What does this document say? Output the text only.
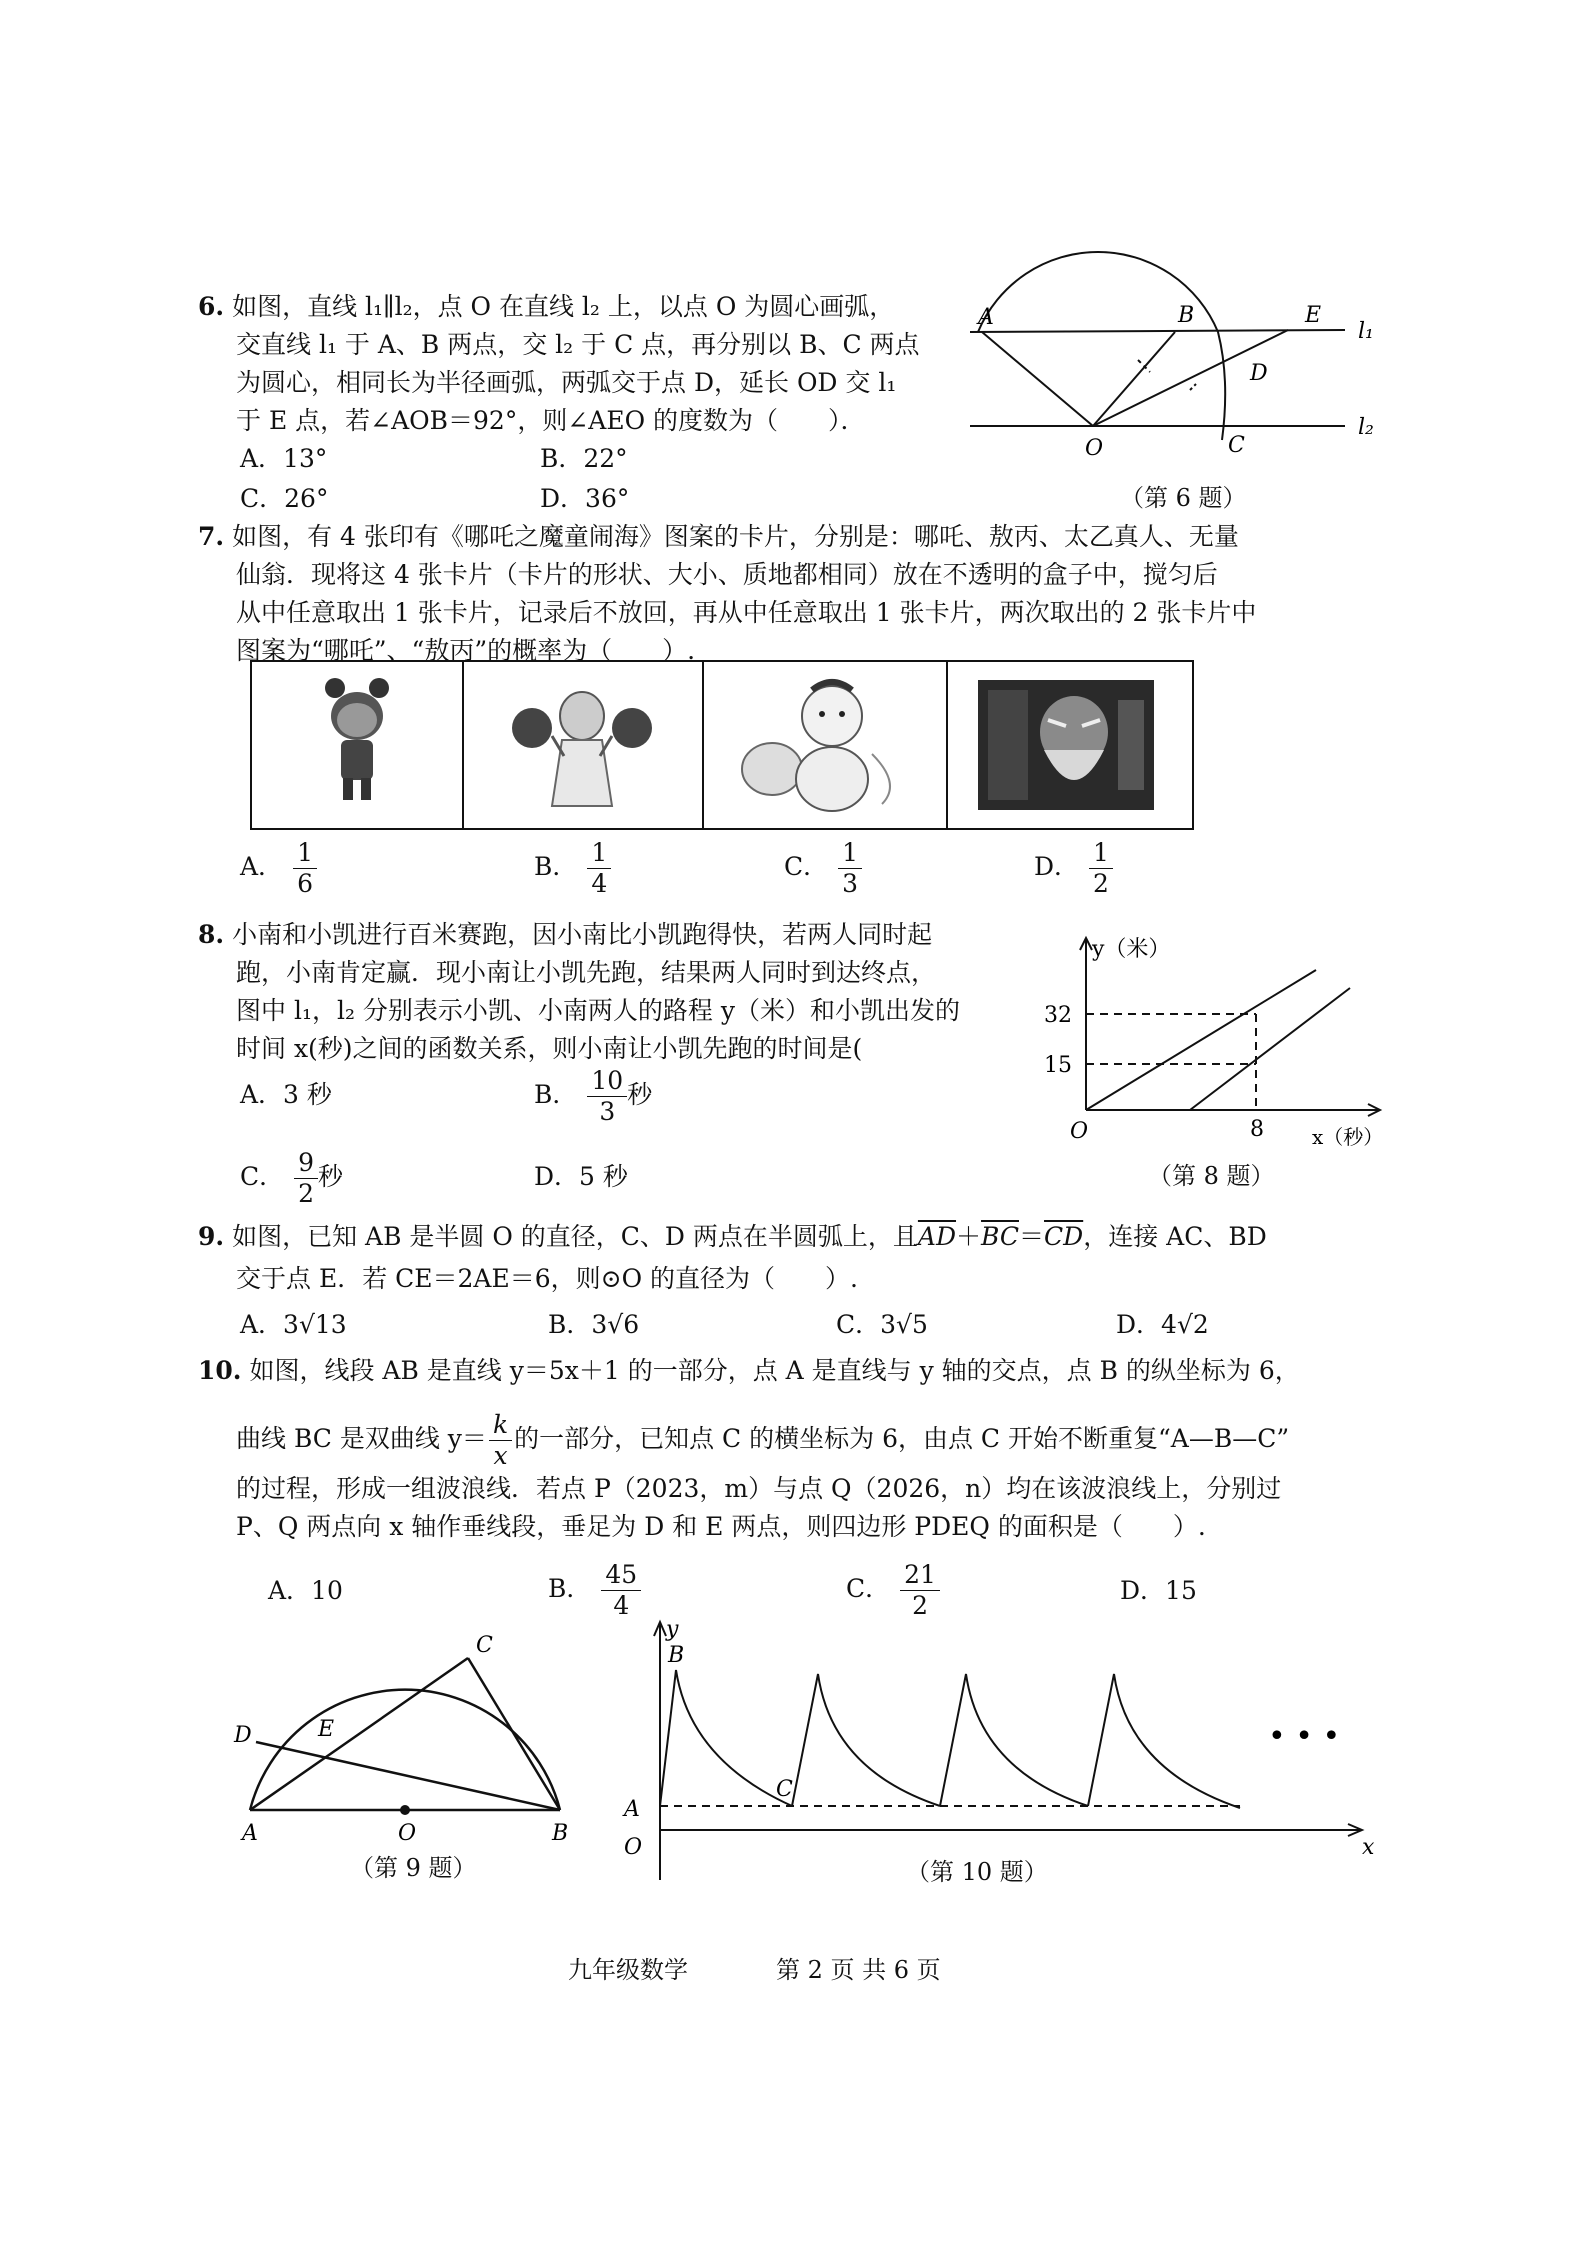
6. 如图，直线 l₁∥l₂，点 O 在直线 l₂ 上，以点 O 为圆心画弧，
交直线 l₁ 于 A、B 两点，交 l₂ 于 C 点，再分别以 B、C 两点
为圆心，相同长为半径画弧，两弧交于点 D，延长 OD 交 l₁
于 E 点，若∠AOB＝92°，则∠AEO 的度数为（　　）．
A．13°	B．22°
C．26°	D．36°
A	B	E
D
O	C
l₁
l₂
（第 6 题）
7. 如图，有 4 张印有《哪吒之魔童闹海》图案的卡片，分别是：哪吒、敖丙、太乙真人、无量
仙翁．现将这 4 张卡片（卡片的形状、大小、质地都相同）放在不透明的盒子中，搅匀后
从中任意取出 1 张卡片，记录后不放回，再从中任意取出 1 张卡片，两次取出的 2 张卡片中
图案为“哪吒”、“敖丙”的概率为（　　）.
A． $\frac{1}{6}$	B． $\frac{1}{4}$	C． $\frac{1}{3}$	D． $\frac{1}{2}$
8. 小南和小凯进行百米赛跑，因小南比小凯跑得快，若两人同时起
跑，小南肯定赢．现小南让小凯先跑，结果两人同时到达终点，
图中 l₁，l₂ 分别表示小凯、小南两人的路程 y（米）和小凯出发的
时间 x(秒)之间的函数关系，则小南让小凯先跑的时间是(
A．3 秒	B． $\frac{10}{3}$ 秒
C． $\frac{9}{2}$ 秒	D．5 秒
y（米）
O
32
15
8 x（秒）
（第 8 题）
9. 如图，已知 AB 是半圆 O 的直径，C、D 两点在半圆弧上，且$\overline{AD}+\overline{BC}=\overline{CD}$，连接 AC、BD
交于点 E．若 CE＝2AE＝6，则⊙O 的直径为（　　）.
A．3√13	B．3√6	C．3√5	D．4√2
10. 如图，线段 AB 是直线 y＝5x＋1 的一部分，点 A 是直线与 y 轴的交点，点 B 的纵坐标为 6，
曲线 BC 是双曲线 $y= \frac{k}{x}$ 的一部分，已知点 C 的横坐标为 6，由点 C 开始不断重复“A—B—C”
的过程，形成一组波浪线．若点 P（2023，m）与点 Q（2026，n）均在该波浪线上，分别过
P、Q 两点向 x 轴作垂线段，垂足为 D 和 E 两点，则四边形 PDEQ 的面积是（　　）.
A．10	B． $\frac{45}{4}$	C． $\frac{21}{2}$	D．15
C
D	E
A	O	B
（第 9 题）
y
B
C
A
O	x
• • •
（第 10 题）
九年级数学	第 2 页 共 6 页
